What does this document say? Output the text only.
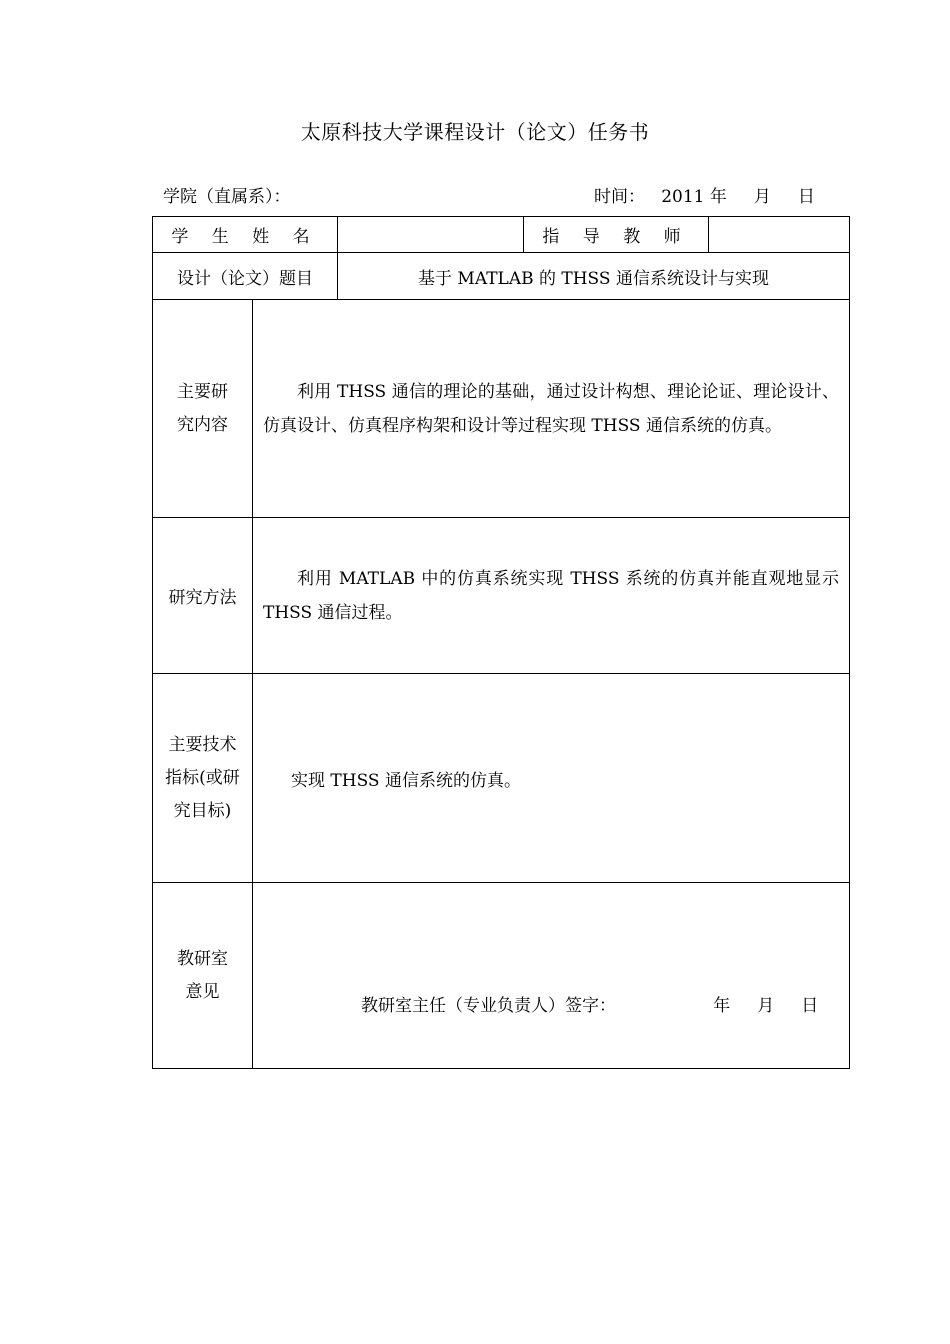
太原科技大学课程设计（论文）任务书
学院（直属系）：	时间：   2011 年     月     日
学 生 姓 名			指 导 教 师	
设计（论文）题目		基于 MATLAB 的 THSS 通信系统设计与实现		

主要研
究内容	利用 THSS 通信的理论的基础，通过设计构想、理论论证、理论设计、仿真设计、仿真程序构架和设计等过程实现 THSS 通信系统的仿真。			
研究方法	利用 MATLAB 中的仿真系统实现 THSS 系统的仿真并能直观地显示 THSS 通信过程。			

主要技术
指标(或研
究目标)	实现 THSS 通信系统的仿真。			

教研室
意见	教研室主任（专业负责人）签字：                  年     月     日			
